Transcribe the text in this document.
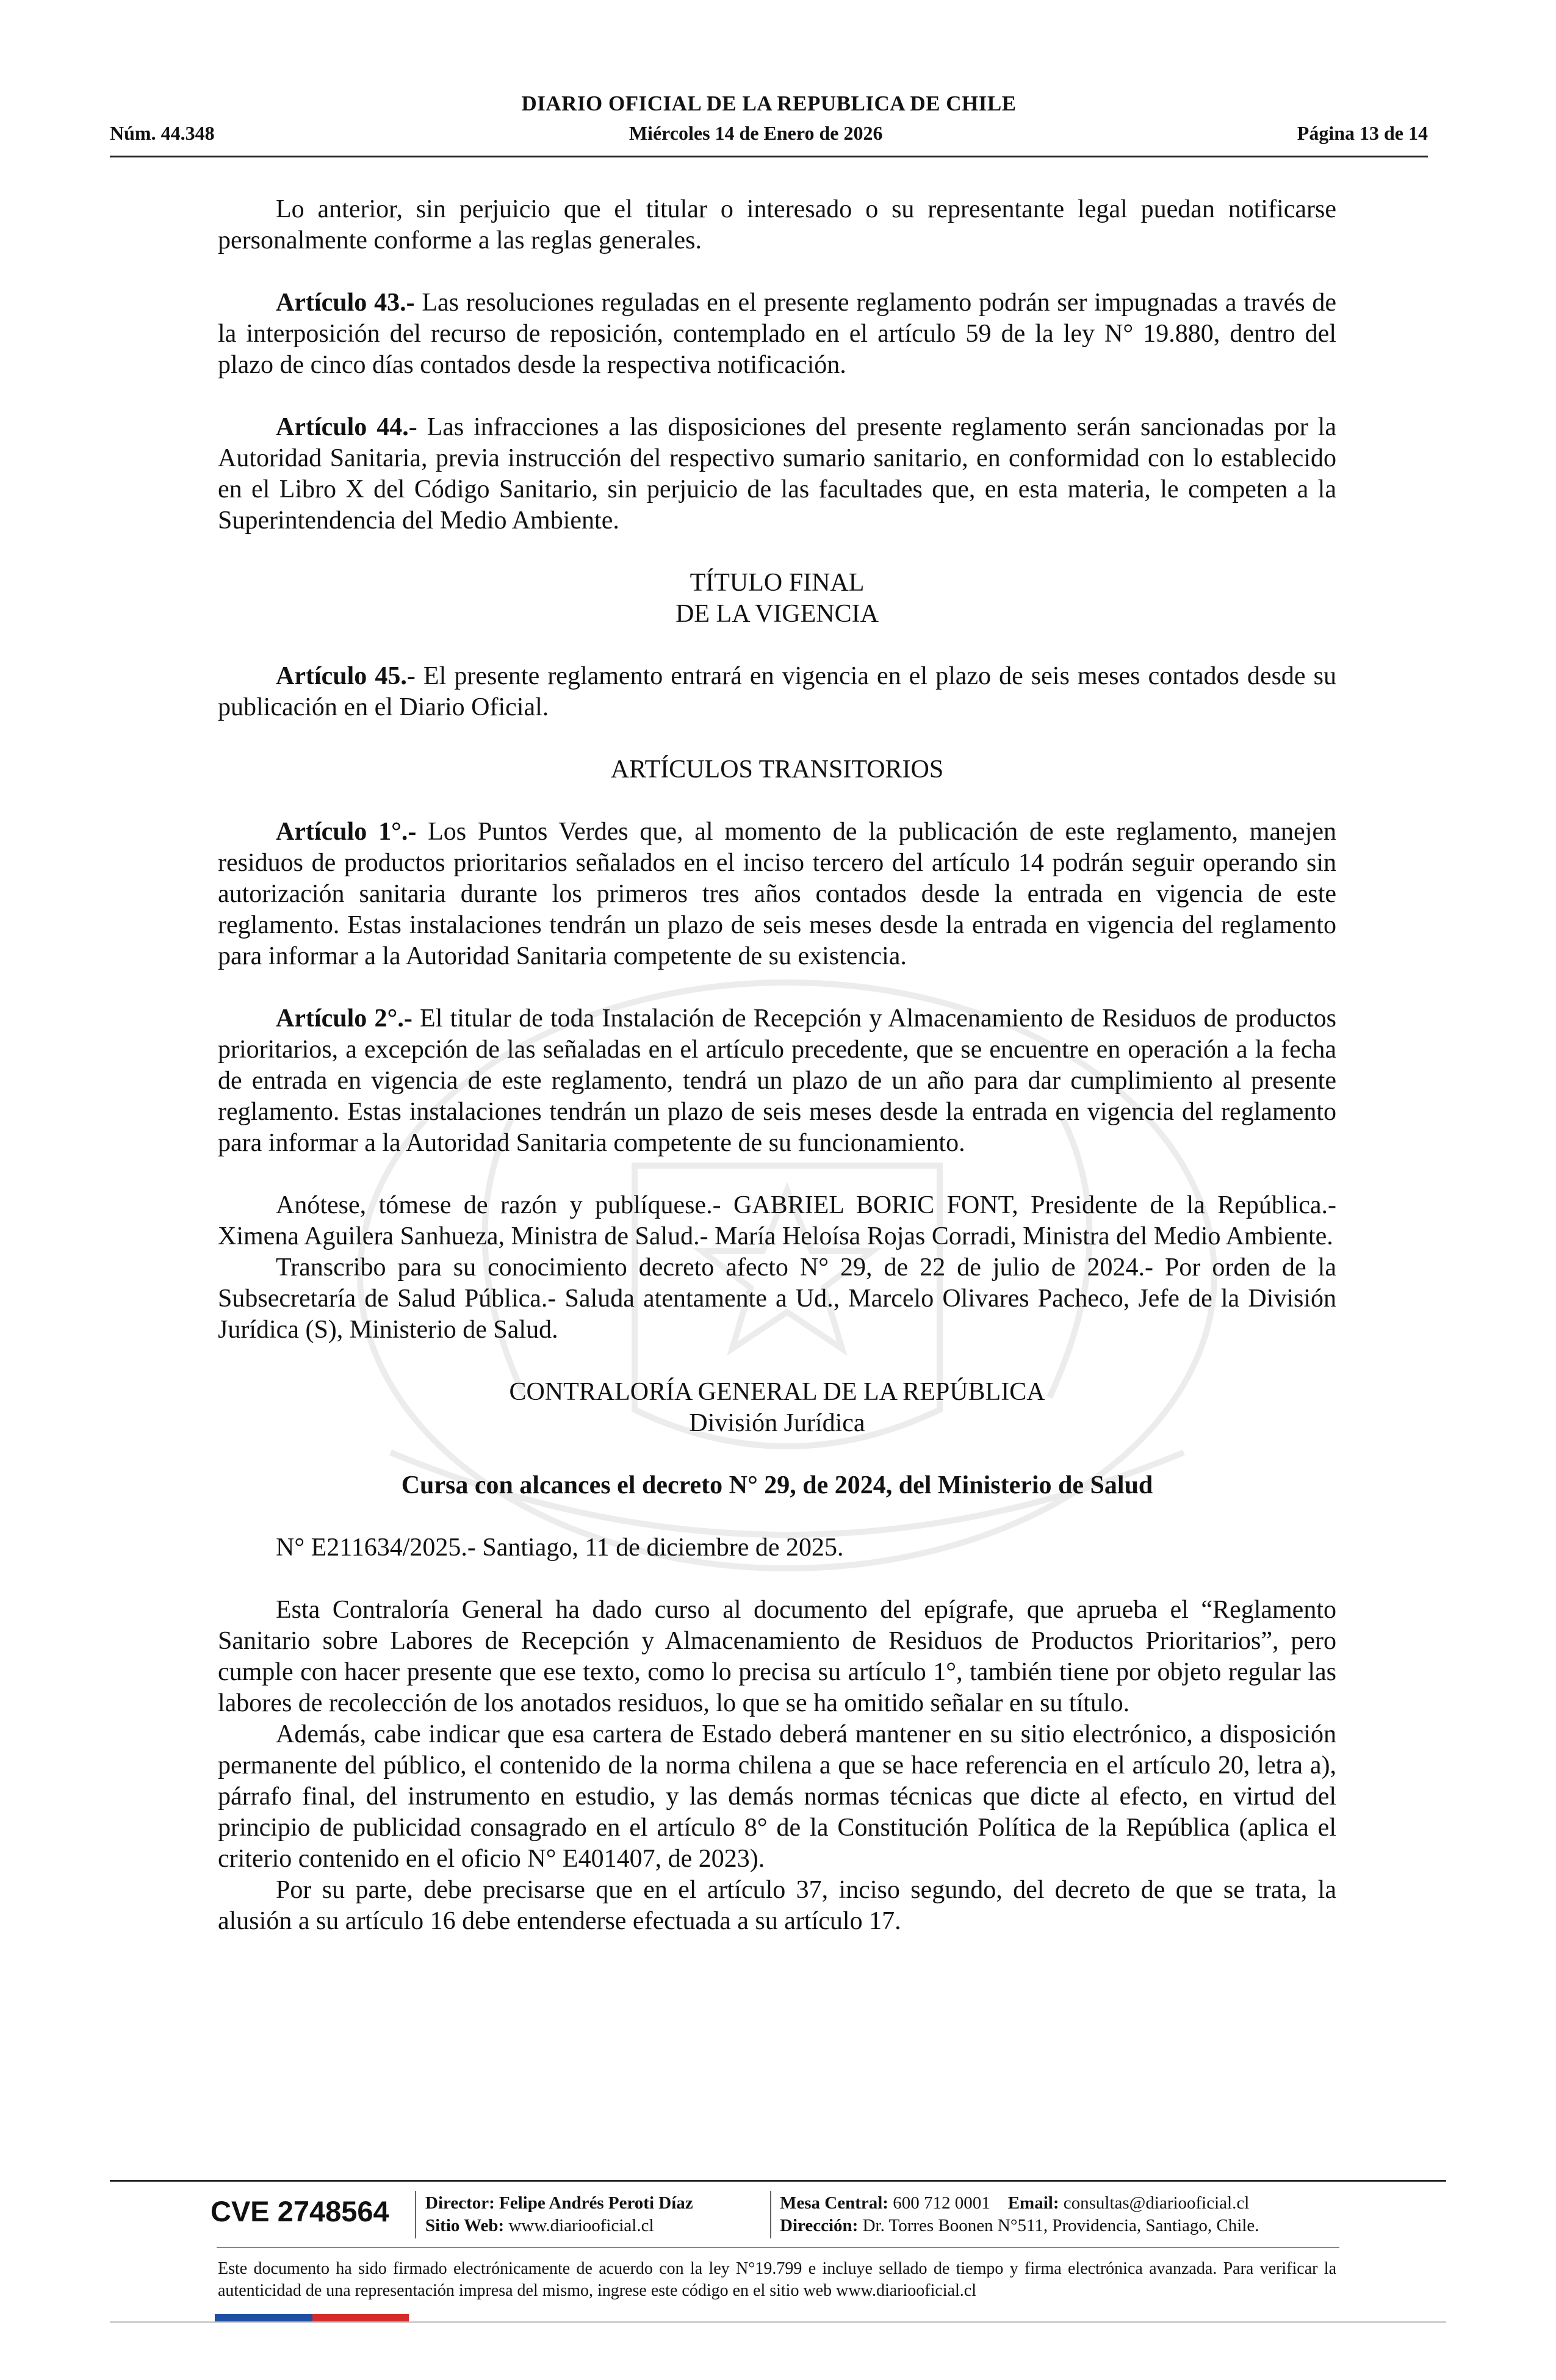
DIARIO OFICIAL DE LA REPUBLICA DE CHILE
Núm. 44.348	Miércoles 14 de Enero de 2026	Página 13 de 14

Lo anterior, sin perjuicio que el titular o interesado o su representante legal puedan notificarse personalmente conforme a las reglas generales.

Artículo 43.- Las resoluciones reguladas en el presente reglamento podrán ser impugnadas a través de la interposición del recurso de reposición, contemplado en el artículo 59 de la ley N° 19.880, dentro del plazo de cinco días contados desde la respectiva notificación.

Artículo 44.- Las infracciones a las disposiciones del presente reglamento serán sancionadas por la Autoridad Sanitaria, previa instrucción del respectivo sumario sanitario, en conformidad con lo establecido en el Libro X del Código Sanitario, sin perjuicio de las facultades que, en esta materia, le competen a la Superintendencia del Medio Ambiente.

TÍTULO FINAL

DE LA VIGENCIA

Artículo 45.- El presente reglamento entrará en vigencia en el plazo de seis meses contados desde su publicación en el Diario Oficial.

ARTÍCULOS TRANSITORIOS

Artículo 1°.- Los Puntos Verdes que, al momento de la publicación de este reglamento, manejen residuos de productos prioritarios señalados en el inciso tercero del artículo 14 podrán seguir operando sin autorización sanitaria durante los primeros tres años contados desde la entrada en vigencia de este reglamento. Estas instalaciones tendrán un plazo de seis meses desde la entrada en vigencia del reglamento para informar a la Autoridad Sanitaria competente de su existencia.

Artículo 2°.- El titular de toda Instalación de Recepción y Almacenamiento de Residuos de productos prioritarios, a excepción de las señaladas en el artículo precedente, que se encuentre en operación a la fecha de entrada en vigencia de este reglamento, tendrá un plazo de un año para dar cumplimiento al presente reglamento. Estas instalaciones tendrán un plazo de seis meses desde la entrada en vigencia del reglamento para informar a la Autoridad Sanitaria competente de su funcionamiento.

Anótese, tómese de razón y publíquese.- GABRIEL BORIC FONT, Presidente de la República.- Ximena Aguilera Sanhueza, Ministra de Salud.- María Heloísa Rojas Corradi, Ministra del Medio Ambiente.

Transcribo para su conocimiento decreto afecto N° 29, de 22 de julio de 2024.- Por orden de la Subsecretaría de Salud Pública.- Saluda atentamente a Ud., Marcelo Olivares Pacheco, Jefe de la División Jurídica (S), Ministerio de Salud.

CONTRALORÍA GENERAL DE LA REPÚBLICA

División Jurídica

Cursa con alcances el decreto N° 29, de 2024, del Ministerio de Salud

N° E211634/2025.- Santiago, 11 de diciembre de 2025.

Esta Contraloría General ha dado curso al documento del epígrafe, que aprueba el “Reglamento Sanitario sobre Labores de Recepción y Almacenamiento de Residuos de Productos Prioritarios”, pero cumple con hacer presente que ese texto, como lo precisa su artículo 1°, también tiene por objeto regular las labores de recolección de los anotados residuos, lo que se ha omitido señalar en su título.

Además, cabe indicar que esa cartera de Estado deberá mantener en su sitio electrónico, a disposición permanente del público, el contenido de la norma chilena a que se hace referencia en el artículo 20, letra a), párrafo final, del instrumento en estudio, y las demás normas técnicas que dicte al efecto, en virtud del principio de publicidad consagrado en el artículo 8° de la Constitución Política de la República (aplica el criterio contenido en el oficio N° E401407, de 2023).

Por su parte, debe precisarse que en el artículo 37, inciso segundo, del decreto de que se trata, la alusión a su artículo 16 debe entenderse efectuada a su artículo 17.

CVE 2748564 Director: Felipe Andrés Peroti Díaz
Sitio Web: www.diariooficial.cl
Mesa Central: 600 712 0001 Email: consultas@diariooficial.cl
Dirección: Dr. Torres Boonen N°511, Providencia, Santiago, Chile.
Este documento ha sido firmado electrónicamente de acuerdo con la ley N°19.799 e incluye sellado de tiempo y firma electrónica avanzada. Para verificar la autenticidad de una representación impresa del mismo, ingrese este código en el sitio web www.diariooficial.cl
